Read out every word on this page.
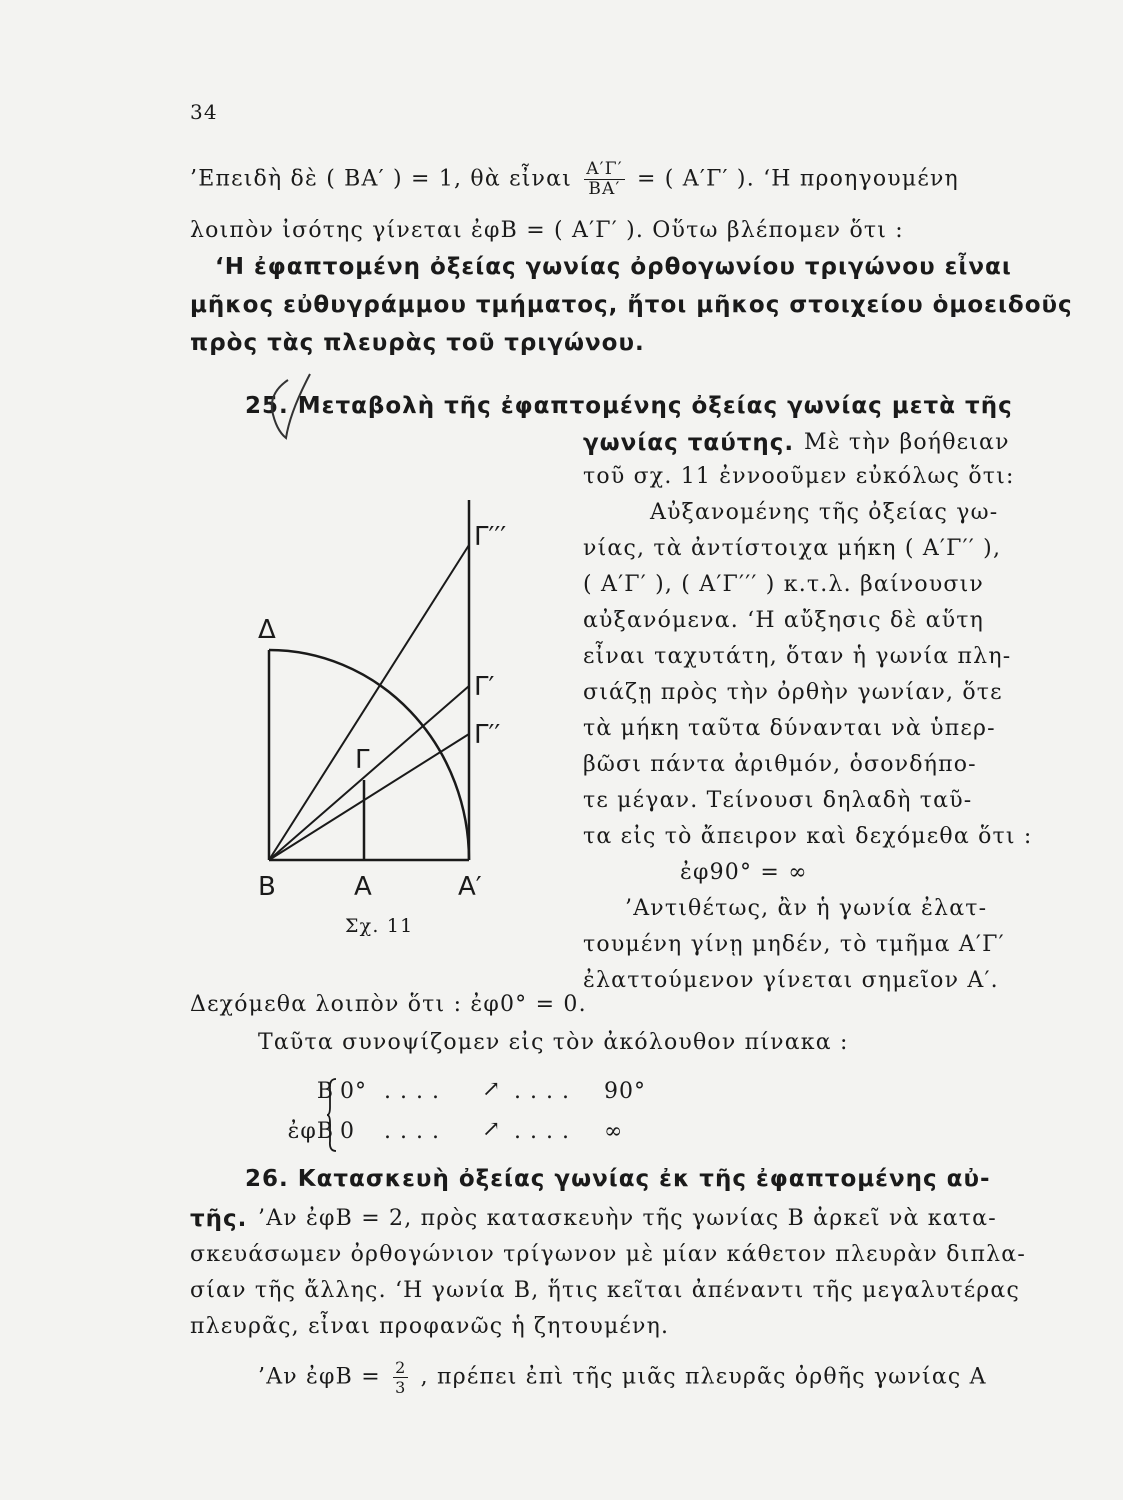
34
’Επειδὴ δὲ ( ΒΑ′ ) = 1, θὰ εἶναι $\frac{A'\Gamma'}{BA'}$ = ( Α′Γ′ ). ‘Η προηγουμένη
λοιπὸν ἰσότης γίνεται ἐφΒ = ( Α′Γ′ ). Οὕτω βλέπομεν ὅτι :
‘Η ἐφαπτομένη ὀξείας γωνίας ὀρθογωνίου τριγώνου εἶναι
μῆκος εὐθυγράμμου τμήματος, ἤτοι μῆκος στοιχείου ὁμοειδοῦς
πρὸς τὰς πλευρὰς τοῦ τριγώνου.
25. Μεταβολὴ τῆς ἐφαπτομένης ὀξείας γωνίας μετὰ τῆς
γωνίας ταύτης. Μὲ τὴν βοήθειαν
τοῦ σχ. 11 ἐννοοῦμεν εὐκόλως ὅτι:
Αὐξανομένης τῆς ὀξείας γω-
νίας, τὰ ἀντίστοιχα μήκη ( Α′Γ′′ ),
( Α′Γ′ ), ( Α′Γ′′′ ) κ.τ.λ. βαίνουσιν
αὐξανόμενα. ‘Η αὔξησις δὲ αὕτη
εἶναι ταχυτάτη, ὅταν ἡ γωνία πλη-
σιάζῃ πρὸς τὴν ὀρθὴν γωνίαν, ὅτε
τὰ μήκη ταῦτα δύνανται νὰ ὑπερ-
βῶσι πάντα ἀριθμόν, ὁσονδήπο-
τε μέγαν. Τείνουσι δηλαδὴ ταῦ-
τα εἰς τὸ ἄπειρον καὶ δεχόμεθα ὅτι :
ἐφ90° = ∞
’Αντιθέτως, ἂν ἡ γωνία ἐλατ-
τουμένη γίνῃ μηδέν, τὸ τμῆμα Α′Γ′
ἐλαττούμενον γίνεται σημεῖον Α′.
Δ
Β	Α	Α′
Γ
Γ′
Γ′′
Γ′′′
Σχ. 11
Δεχόμεθα λοιπὸν ὅτι : ἐφ0° = 0.
Ταῦτα συνοψίζομεν εἰς τὸν ἀκόλουθον πίνακα :
Β 0° . . . . ↗ . . . . 90°
ἐφΒ 0 . . . . ↗ . . . . ∞
26. Κατασκευὴ ὀξείας γωνίας ἐκ τῆς ἐφαπτομένης αὐ-
τῆς. ’Αν ἐφΒ = 2, πρὸς κατασκευὴν τῆς γωνίας Β ἀρκεῖ νὰ κατα-
σκευάσωμεν ὀρθογώνιον τρίγωνον μὲ μίαν κάθετον πλευρὰν διπλα-
σίαν τῆς ἄλλης. ‘Η γωνία Β, ἥτις κεῖται ἀπέναντι τῆς μεγαλυτέρας
πλευρᾶς, εἶναι προφανῶς ἡ ζητουμένη.
’Αν ἐφΒ = $\frac{2}{3}$ , πρέπει ἐπὶ τῆς μιᾶς πλευρᾶς ὀρθῆς γωνίας Α
